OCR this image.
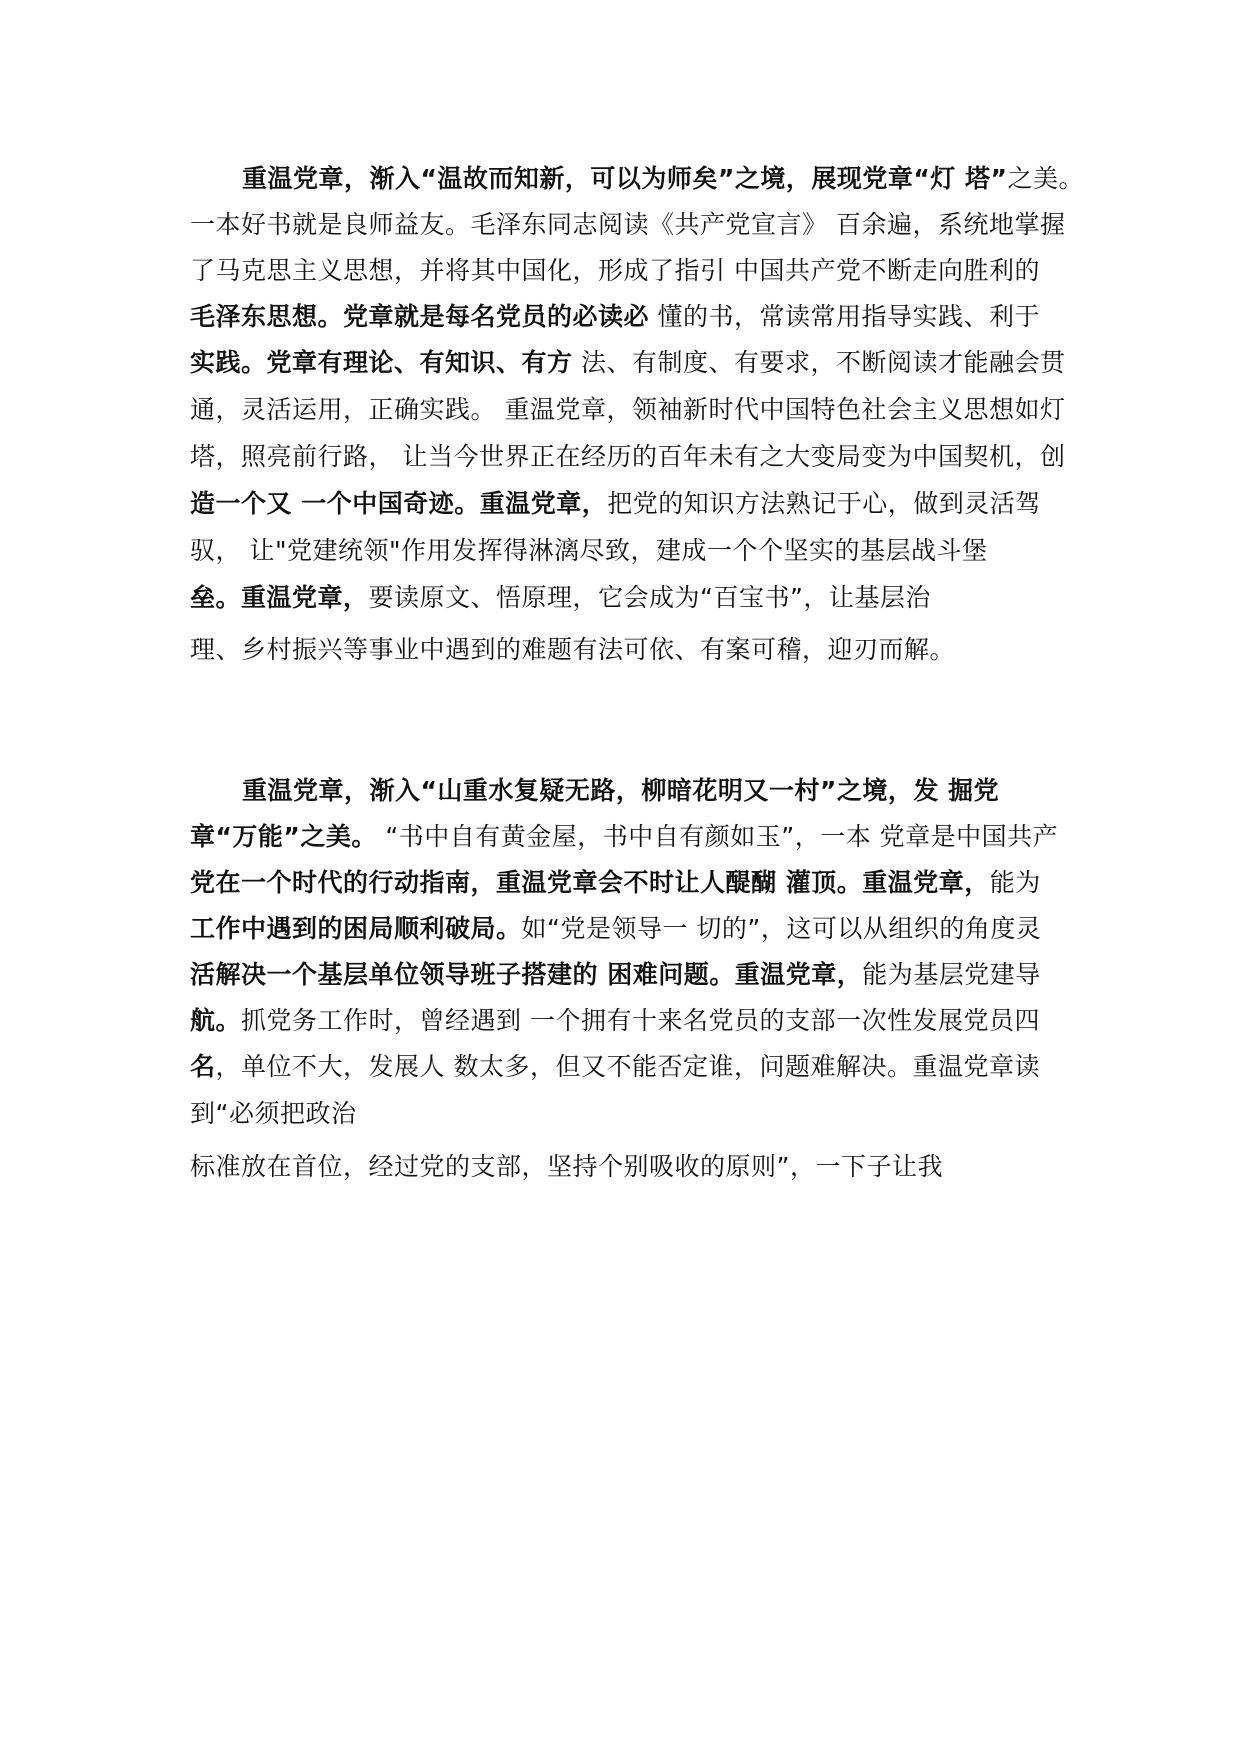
重温党章，渐入“温故而知新，可以为师矣”之境，展现党章“灯 塔”之美。
一本好书就是良师益友。毛泽东同志阅读《共产党宣言》 百余遍，系统地掌握
了马克思主义思想，并将其中国化，形成了指引 中国共产党不断走向胜利的
毛泽东思想。党章就是每名党员的必读必 懂的书，常读常用指导实践、利于
实践。党章有理论、有知识、有方 法、有制度、有要求，不断阅读才能融会贯
通，灵活运用，正确实践。 重温党章，领袖新时代中国特色社会主义思想如灯
塔，照亮前行路， 让当今世界正在经历的百年未有之大变局变为中国契机，创
造一个又 一个中国奇迹。重温党章，把党的知识方法熟记于心，做到灵活驾
驭， 让"党建统领"作用发挥得淋漓尽致，建成一个个坚实的基层战斗堡
垒。重温党章，要读原文、悟原理，它会成为“百宝书”，让基层治
理、乡村振兴等事业中遇到的难题有法可依、有案可稽，迎刃而解。
重温党章，渐入“山重水复疑无路，柳暗花明又一村”之境，发 掘党
章“万能”之美。 “书中自有黄金屋，书中自有颜如玉”，一本 党章是中国共产
党在一个时代的行动指南，重温党章会不时让人醍醐 灌顶。重温党章，能为
工作中遇到的困局顺利破局。如“党是领导一 切的”，这可以从组织的角度灵
活解决一个基层单位领导班子搭建的 困难问题。重温党章，能为基层党建导
航。抓党务工作时，曾经遇到 一个拥有十来名党员的支部一次性发展党员四
名，单位不大，发展人 数太多，但又不能否定谁，问题难解决。重温党章读
到“必须把政治
标准放在首位，经过党的支部，坚持个别吸收的原则”，一下子让我
